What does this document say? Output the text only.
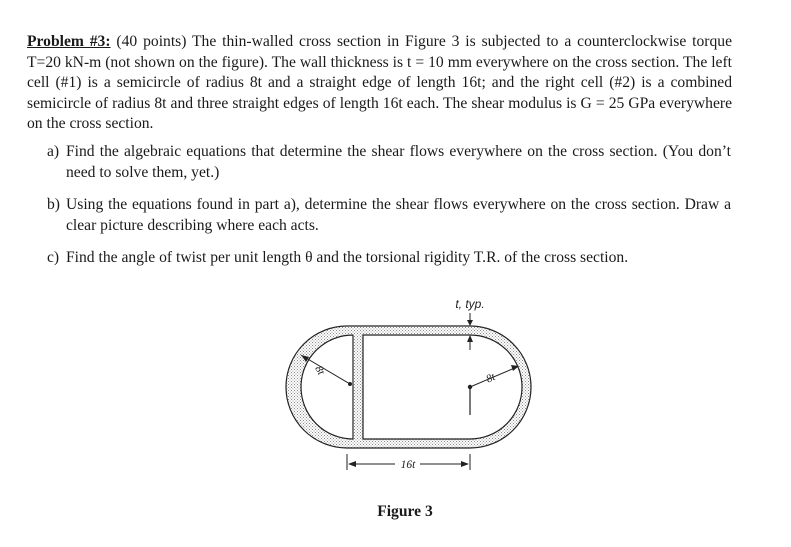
Problem #3: (40 points) The thin-walled cross section in Figure 3 is subjected to a counterclockwise torque T=20 kN-m (not shown on the figure). The wall thickness is t = 10 mm everywhere on the cross section. The left cell (#1) is a semicircle of radius 8t and a straight edge of length 16t; and the right cell (#2) is a combined semicircle of radius 8t and three straight edges of length 16t each. The shear modulus is G = 25 GPa everywhere on the cross section.

a) Find the algebraic equations that determine the shear flows everywhere on the cross section. (You don’t need to solve them, yet.)
b) Using the equations found in part a), determine the shear flows everywhere on the cross section. Draw a clear picture describing where each acts.
c) Find the angle of twist per unit length θ and the torsional rigidity T.R. of the cross section.
8t
t, typ.
8t
16t
Figure 3
